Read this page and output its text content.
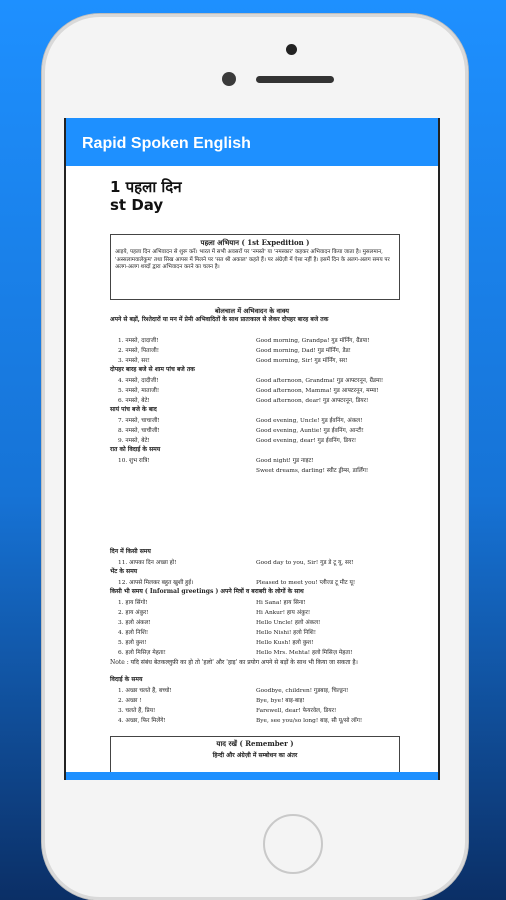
Rapid Spoken English
1 पहला दिन
st Day
पहला अभियान ( 1st Expedition )
आइये, पहला दिन अभिवादन से शुरू करें। भारत में सभी अवसरों पर 'नमस्ते' या 'नमस्कार' कहकर अभिवादन किया जाता है। मुसलमान, 'अस्सलामवालेकुम' तथा सिख आपस में मिलने पर 'सत श्री अकाल' कहते हैं। पर अंग्रेज़ी में ऐसा नहीं है। इसमें दिन के अलग-अलग समय पर अलग-अलग शब्दों द्वारा अभिवादन करने का चलन है।
बोलचाल में अभिवादन के वाक्य
अपने से बड़ों, रिश्तेदारों या मन में प्रेमी अभिवादितों के साथ प्रातःकाल से लेकर दोपहर बारह बजे तक
1. नमस्ते, दादाजी!	Good morning, Grandpa! गुड मॉर्निंग, ग्रैंडपा!
2. नमस्ते, पिताजी!	Good morning, Dad! गुड मॉर्निंग, डैड!
3. नमस्ते, सर!	Good morning, Sir! गुड मॉर्निंग, सर!
दोपहर बारह बजे से शाम पांच बजे तक
4. नमस्ते, दादीजी!	Good afternoon, Grandma! गुड आफ्टरनून, ग्रैंडमा!
5. नमस्ते, माताजी!	Good afternoon, Mamma! गुड आफ्टरनून, मम्मा!
6. नमस्ते, बेटे!	Good afternoon, dear! गुड आफ्टरनून, डियर!
सायं पांच बजे के बाद
7. नमस्ते, चाचाजी!	Good evening, Uncle! गुड ईवनिंग, अंकल!
8. नमस्ते, चाचीजी!	Good evening, Auntie! गुड ईवनिंग, आन्टी!
9. नमस्ते, बेटे!	Good evening, dear! गुड ईवनिंग, डियर!
रात को विदाई के समय
10. शुभ रात्रि!	Good night! गुड नाइट!
Sweet dreams, darling! स्वीट ड्रीम्स, डार्लिंग!
दिन में किसी समय
11. आपका दिन अच्छा हो!	Good day to you, Sir! गुड डे टू यू, सर!
भेंट के समय
12. आपसे मिलकर बहुत खुशी हुई।	Pleased to meet you! प्लीज्ड टू मीट यू!
किसी भी समय ( Informal greetings ) अपने मित्रों व बराबरी के लोगों के साथ
1. हाय सिंगो!	Hi Sana! हाय सिना!
2. हाय अंकुर!	Hi Ankur! हाय अंकुर!
3. हलो अंकल!	Hello Uncle! हलो अंकल!
4. हलो निशि!	Hello Nishi! हलो निशि!
5. हलो कुश!	Hello Kush! हलो कुश!
6. हलो मिसिज़ मेहता!	Hello Mrs. Mehta! हलो मिसिज़ मेहता!
Note : यदि संबंध बेतकल्लुफ़ी का हो तो 'हलो' और 'हाइ' का प्रयोग अपने से बड़ों के साथ भी किया जा सकता है।
विदाई के समय
1. अच्छा चलते हैं, बच्चो!	Goodbye, children! गुडबाइ, चिल्ड्रन!
2. अच्छा !	Bye, bye! बाइ-बाइ!
3. चलते हैं, प्रिय!	Farewell, dear! फेयरवेल, डियर!
4. अच्छा, फिर मिलेंगे!	Bye, see you/so long! बाइ, सी यू/सो लॉग!
याद रखें ( Remember )
हिन्दी और अंग्रेज़ी में सम्बोधन का अंतर
